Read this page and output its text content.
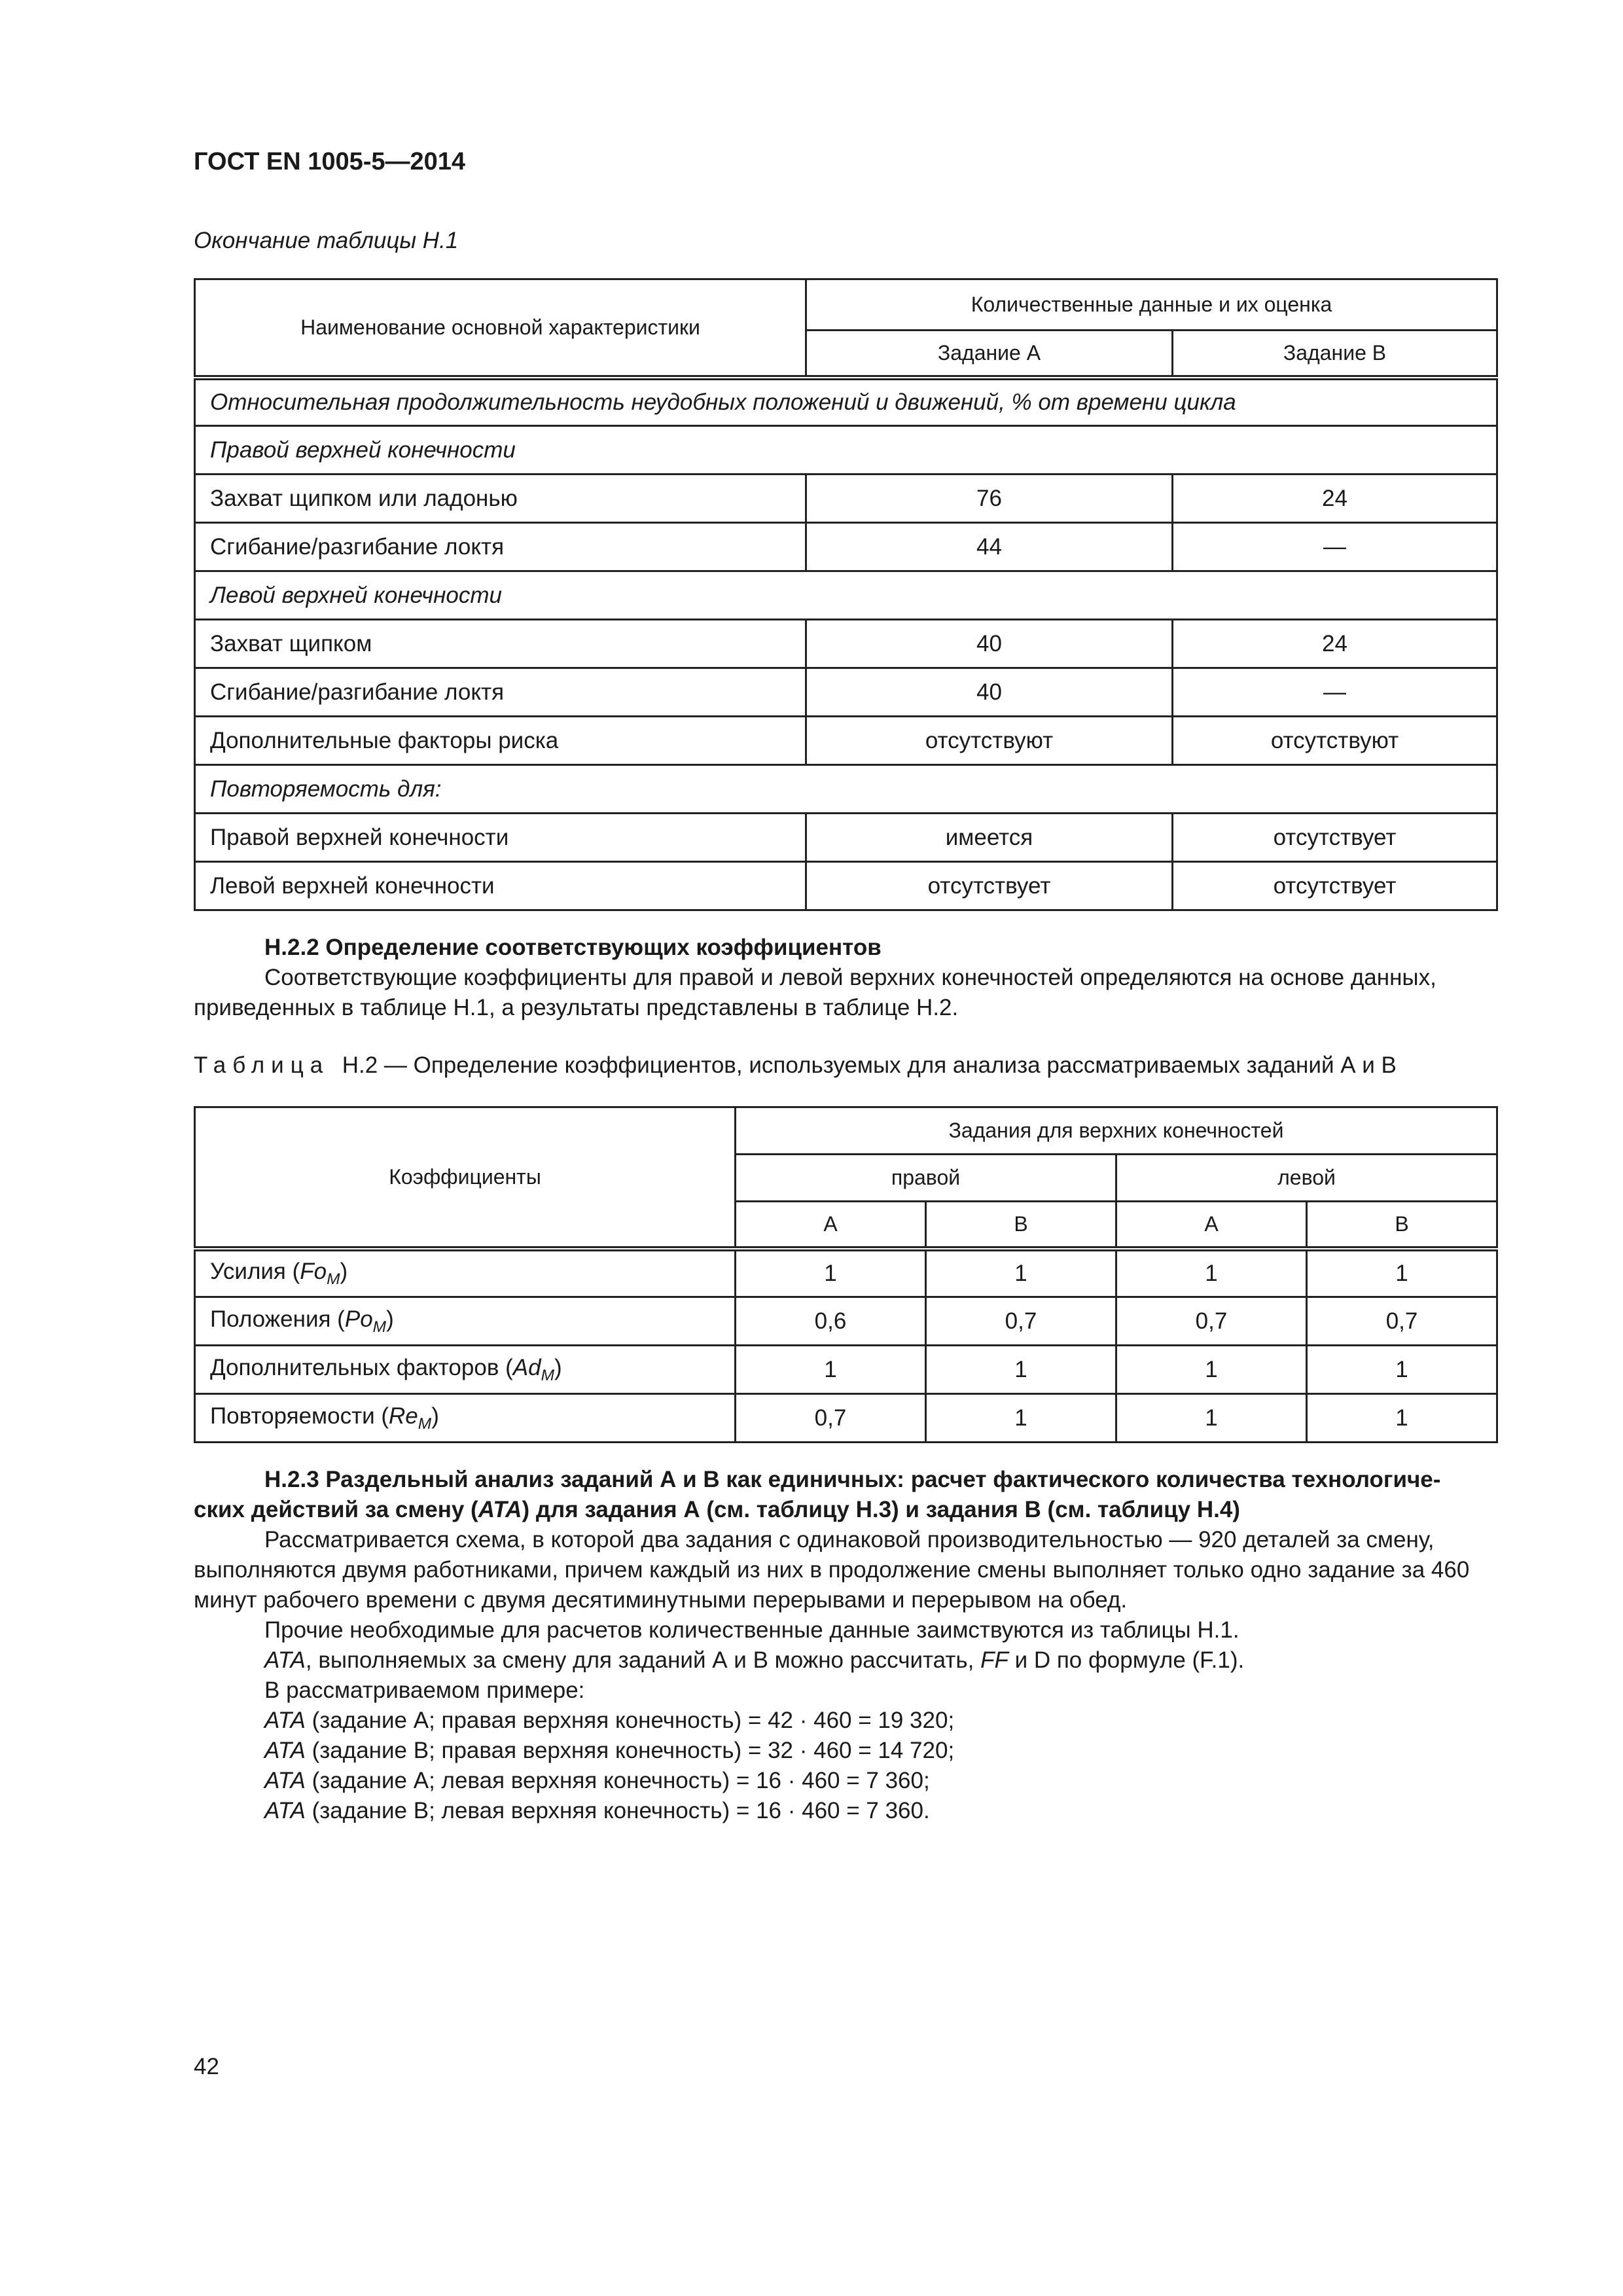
ГОСТ EN 1005-5—2014
Окончание таблицы Н.1
Наименование основной характеристики	Количественные данные и их оценка	
	Задание А	Задание В
Относительная продолжительность неудобных положений и движений, % от времени цикла		
Правой верхней конечности		
Захват щипком или ладонью	76	24
Сгибание/разгибание локтя	44	—
Левой верхней конечности		
Захват щипком	40	24
Сгибание/разгибание локтя	40	—
Дополнительные факторы риска	отсутствуют	отсутствуют
Повторяемость для:		
Правой верхней конечности	имеется	отсутствует
Левой верхней конечности	отсутствует	отсутствует
Н.2.2 Определение соответствующих коэффициентов
Соответствующие коэффициенты для правой и левой верхних конечностей определяются на основе данных, приведенных в таблице Н.1, а результаты представлены в таблице Н.2.
Таблица Н.2 — Определение коэффициентов, используемых для анализа рассматриваемых заданий А и В
Коэффициенты	Задания для верхних конечностей			
	правой		левой	
	А	В	А	В
Усилия $(Fo_M)$	1	1	1	1
Положения $(Po_M)$	0,6	0,7	0,7	0,7
Дополнительных факторов $(Ad_M)$	1	1	1	1
Повторяемости $(Re_M)$	0,7	1	1	1
Н.2.3 Раздельный анализ заданий А и В как единичных: расчет фактического количества технологиче-
ских действий за смену (ATA) для задания А (см. таблицу Н.3) и задания В (см. таблицу Н.4)
Рассматривается схема, в которой два задания с одинаковой производительностью — 920 деталей за смену, выполняются двумя работниками, причем каждый из них в продолжение смены выполняет только одно задание за 460 минут рабочего времени с двумя десятиминутными перерывами и перерывом на обед.
Прочие необходимые для расчетов количественные данные заимствуются из таблицы Н.1.
ATA, выполняемых за смену для заданий А и В можно рассчитать, FF и D по формуле (F.1).
В рассматриваемом примере:
ATA (задание А; правая верхняя конечность) = 42 · 460 = 19 320;
ATA (задание В; правая верхняя конечность) = 32 · 460 = 14 720;
ATA (задание А; левая верхняя конечность) = 16 · 460 = 7 360;
ATA (задание В; левая верхняя конечность) = 16 · 460 = 7 360.
42
